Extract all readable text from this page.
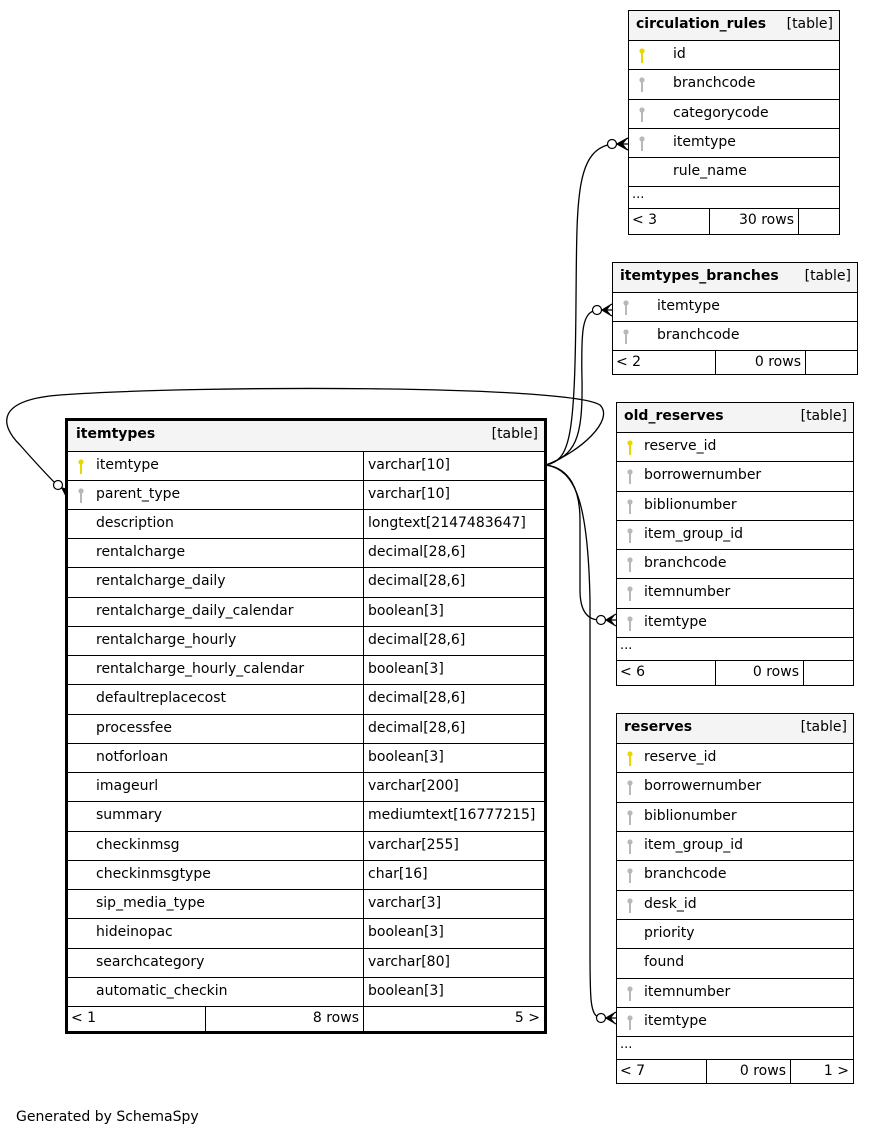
circulation_rules [table]
id
branchcode
categorycode
itemtype
rule_name
...
< 3	30 rows
itemtypes_branches [table]
itemtype
branchcode
< 2	0 rows
old_reserves	[table]
reserve_id
borrowernumber
biblionumber
item_group_id
branchcode
itemnumber
itemtype
...
< 6	0 rows
reserves	[table]
reserve_id
borrowernumber
biblionumber
item_group_id
branchcode
desk_id
priority
found
itemnumber
itemtype
...
< 7	0 rows	1 >
itemtypes	[table]
itemtype	varchar[10]
parent_type	varchar[10]
description	longtext[2147483647]
rentalcharge	decimal[28,6]
rentalcharge_daily	decimal[28,6]
rentalcharge_daily_calendar	boolean[3]
rentalcharge_hourly	decimal[28,6]
rentalcharge_hourly_calendar	boolean[3]
defaultreplacecost	decimal[28,6]
processfee	decimal[28,6]
notforloan	boolean[3]
imageurl	varchar[200]
summary	mediumtext[16777215]
checkinmsg	varchar[255]
checkinmsgtype	char[16]
sip_media_type	varchar[3]
hideinopac	boolean[3]
searchcategory	varchar[80]
automatic_checkin	boolean[3]
< 1	8 rows	5 >
Generated by SchemaSpy
